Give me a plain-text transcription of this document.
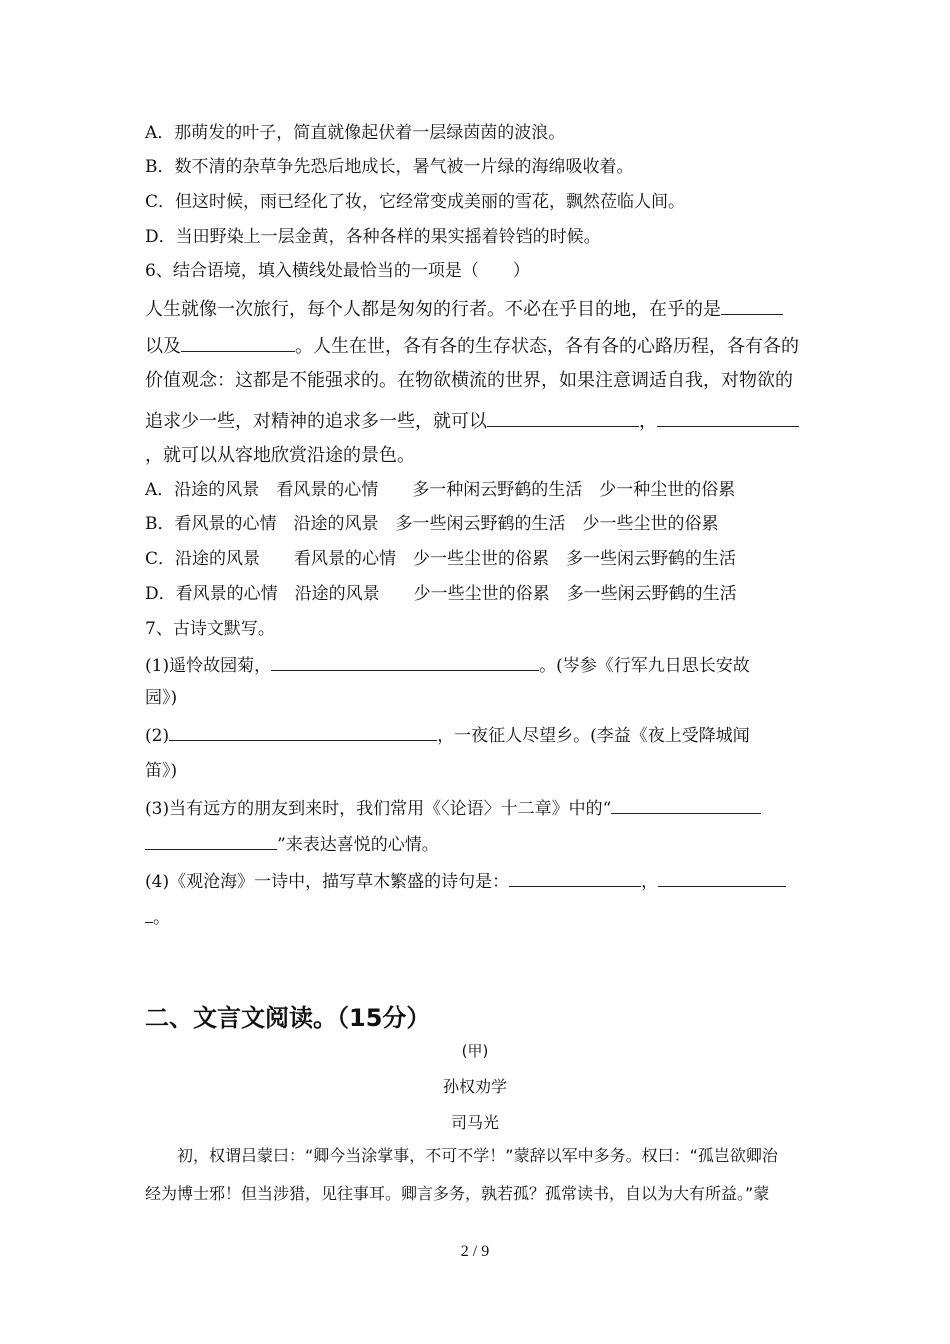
A．那萌发的叶子，简直就像起伏着一层绿茵茵的波浪。
B．数不清的杂草争先恐后地成长，暑气被一片绿的海绵吸收着。
C．但这时候，雨已经化了妆，它经常变成美丽的雪花，飘然莅临人间。
D．当田野染上一层金黄，各种各样的果实摇着铃铛的时候。
6、结合语境，填入横线处最恰当的一项是（　　）
人生就像一次旅行，每个人都是匆匆的行者。不必在乎目的地，在乎的是
以及	。人生在世，各有各的生存状态，各有各的心路历程，各有各的
价值观念：这都是不能强求的。在物欲横流的世界，如果注意调适自我，对物欲的
追求少一些，对精神的追求多一些，就可以	，
，就可以从容地欣赏沿途的景色。
A．沿途的风景　看风景的心情　　多一种闲云野鹤的生活　少一种尘世的俗累
B．看风景的心情　沿途的风景　多一些闲云野鹤的生活　少一些尘世的俗累
C．沿途的风景　　看风景的心情　少一些尘世的俗累　多一些闲云野鹤的生活
D．看风景的心情　沿途的风景　　少一些尘世的俗累　多一些闲云野鹤的生活
7、古诗文默写。
(1)遥怜故园菊，	。(岑参《行军九日思长安故
园》)
(2)	，一夜征人尽望乡。(李益《夜上受降城闻
笛》)
(3)当有远方的朋友到来时，我们常用《〈论语〉十二章》中的“
”来表达喜悦的心情。
(4)《观沧海》一诗中，描写草木繁盛的诗句是：	，
。
二、文言文阅读。（15分）
(甲)
孙权劝学
司马光
　　初，权谓吕蒙曰：“卿今当涂掌事，不可不学！”蒙辞以军中多务。权曰：“孤岂欲卿治
经为博士邪！但当涉猎，见往事耳。卿言多务，孰若孤？孤常读书，自以为大有所益。”蒙
2 / 9
